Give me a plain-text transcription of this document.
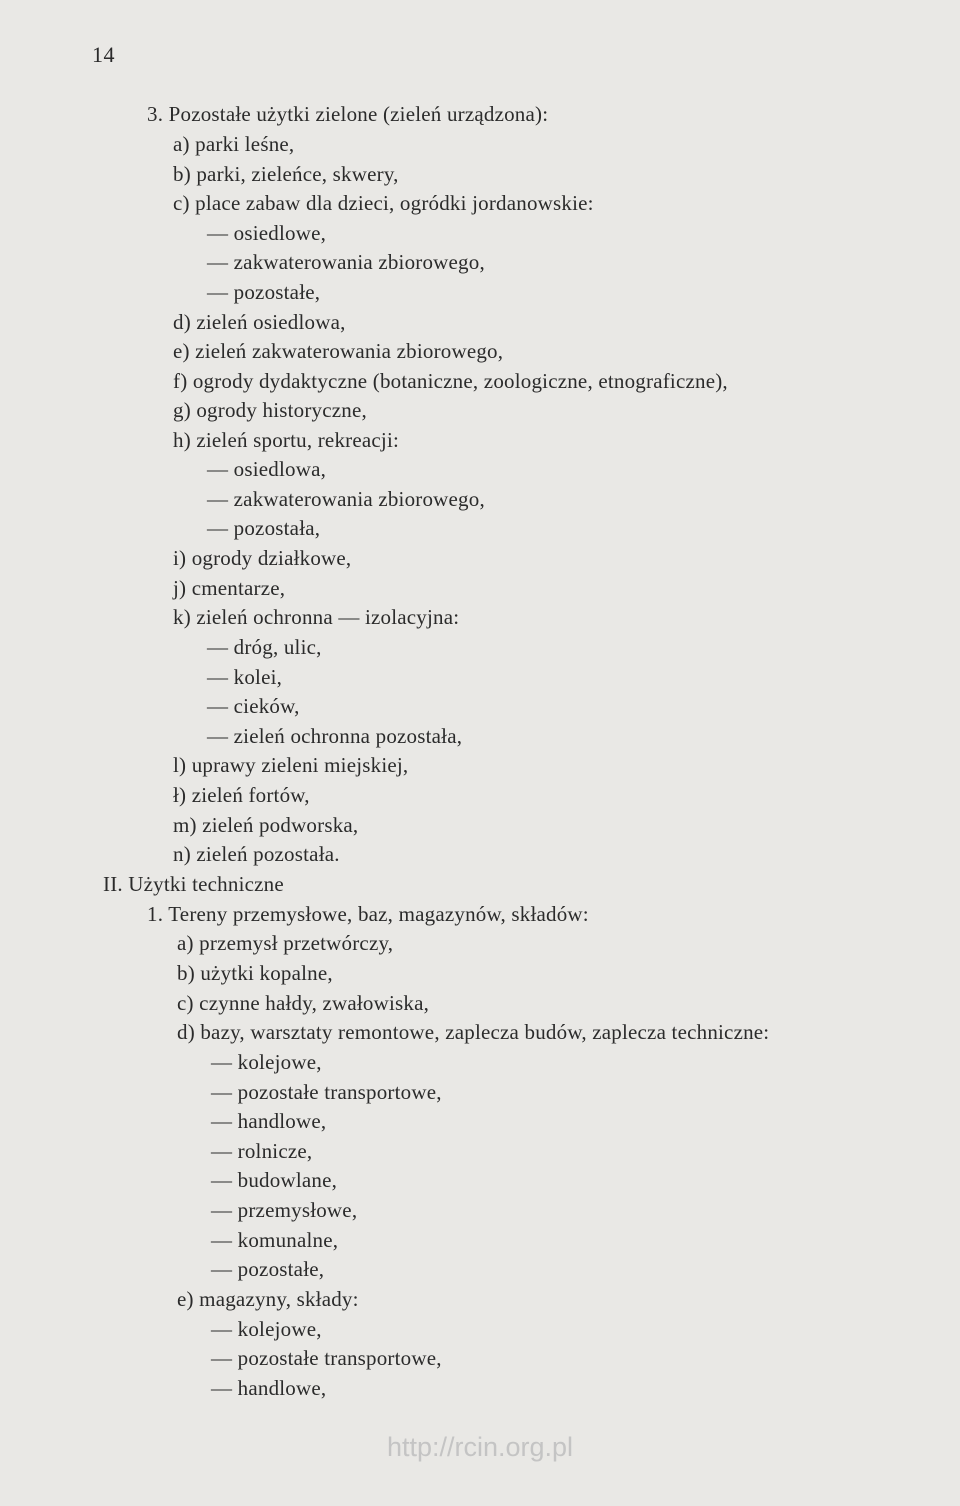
14
3. Pozostałe użytki zielone (zieleń urządzona):
a) parki leśne,
b) parki, zieleńce, skwery,
c) place zabaw dla dzieci, ogródki jordanowskie:
— osiedlowe,
— zakwaterowania zbiorowego,
— pozostałe,
d) zieleń osiedlowa,
e) zieleń zakwaterowania zbiorowego,
f) ogrody dydaktyczne (botaniczne, zoologiczne, etnograficzne),
g) ogrody historyczne,
h) zieleń sportu, rekreacji:
— osiedlowa,
— zakwaterowania zbiorowego,
— pozostała,
i) ogrody działkowe,
j) cmentarze,
k) zieleń ochronna — izolacyjna:
— dróg, ulic,
— kolei,
— cieków,
— zieleń ochronna pozostała,
l) uprawy zieleni miejskiej,
ł) zieleń fortów,
m) zieleń podworska,
n) zieleń pozostała.
II. Użytki techniczne
1. Tereny przemysłowe, baz, magazynów, składów:
a) przemysł przetwórczy,
b) użytki kopalne,
c) czynne hałdy, zwałowiska,
d) bazy, warsztaty remontowe, zaplecza budów, zaplecza techniczne:
— kolejowe,
— pozostałe transportowe,
— handlowe,
— rolnicze,
— budowlane,
— przemysłowe,
— komunalne,
— pozostałe,
e) magazyny, składy:
— kolejowe,
— pozostałe transportowe,
— handlowe,
http://rcin.org.pl
